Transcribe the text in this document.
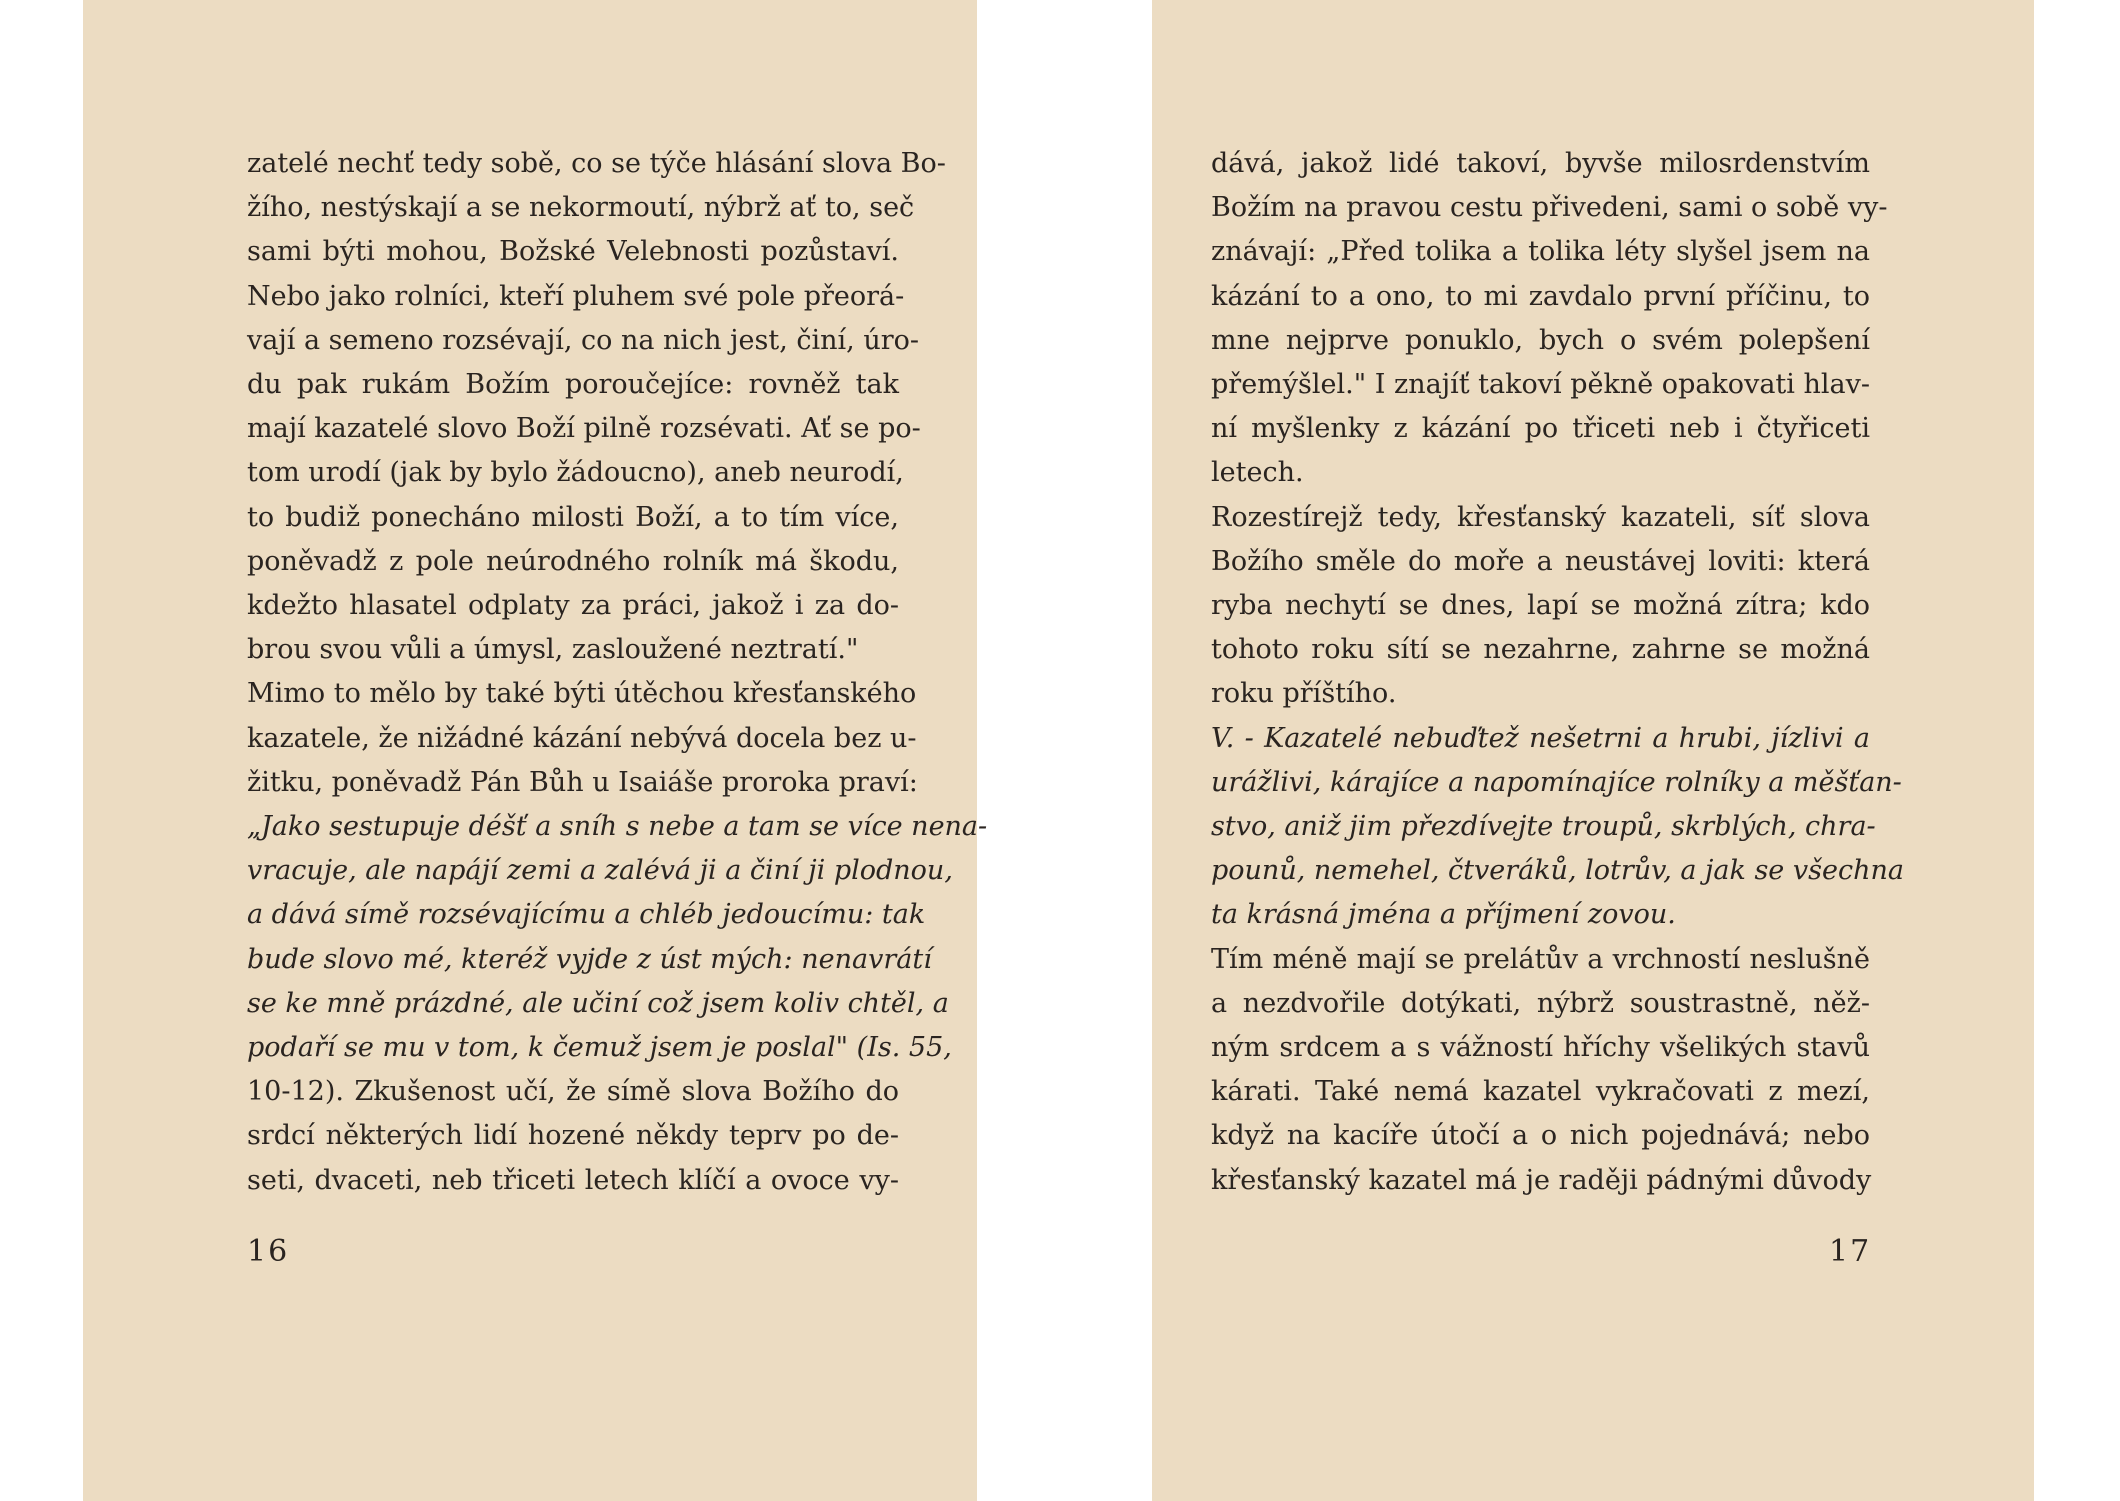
zatelé nechť tedy sobě, co se týče hlásání slova Bo-
žího, nestýskají a se nekormoutí, nýbrž ať to, seč
sami býti mohou, Božské Velebnosti pozůstaví.
Nebo jako rolníci, kteří pluhem své pole přeorá-
vají a semeno rozsévají, co na nich jest, činí, úro-
du pak rukám Božím poroučejíce: rovněž tak
mají kazatelé slovo Boží pilně rozsévati. Ať se po-
tom urodí (jak by bylo žádoucno), aneb neurodí,
to budiž ponecháno milosti Boží, a to tím více,
poněvadž z pole neúrodného rolník má škodu,
kdežto hlasatel odplaty za práci, jakož i za do-
brou svou vůli a úmysl, zasloužené neztratí."
Mimo to mělo by také býti útěchou křesťanského
kazatele, že nižádné kázání nebývá docela bez u-
žitku, poněvadž Pán Bůh u Isaiáše proroka praví:
„Jako sestupuje déšť a sníh s nebe a tam se více nena-
vracuje, ale napájí zemi a zalévá ji a činí ji plodnou,
a dává símě rozsévajícímu a chléb jedoucímu: tak
bude slovo mé, kteréž vyjde z úst mých: nenavrátí
se ke mně prázdné, ale učiní což jsem koliv chtěl, a
podaří se mu v tom, k čemuž jsem je poslal" (Is. 55,
10-12). Zkušenost učí, že símě slova Božího do
srdcí některých lidí hozené někdy teprv po de-
seti, dvaceti, neb třiceti letech klíčí a ovoce vy-
16
dává, jakož lidé takoví, byvše milosrdenstvím
Božím na pravou cestu přivedeni, sami o sobě vy-
znávají: „Před tolika a tolika léty slyšel jsem na
kázání to a ono, to mi zavdalo první příčinu, to
mne nejprve ponuklo, bych o svém polepšení
přemýšlel." I znajíť takoví pěkně opakovati hlav-
ní myšlenky z kázání po třiceti neb i čtyřiceti
letech.
Rozestírejž tedy, křesťanský kazateli, síť slova
Božího směle do moře a neustávej loviti: která
ryba nechytí se dnes, lapí se možná zítra; kdo
tohoto roku sítí se nezahrne, zahrne se možná
roku příštího.
V. - Kazatelé nebuďtež nešetrni a hrubi, jízlivi a
urážlivi, kárajíce a napomínajíce rolníky a měšťan-
stvo, aniž jim přezdívejte troupů, skrblých, chra-
pounů, nemehel, čtveráků, lotrův, a jak se všechna
ta krásná jména a příjmení zovou.
Tím méně mají se prelátův a vrchností neslušně
a nezdvořile dotýkati, nýbrž soustrastně, něž-
ným srdcem a s vážností hříchy všelikých stavů
kárati. Také nemá kazatel vykračovati z mezí,
když na kacíře útočí a o nich pojednává; nebo
křesťanský kazatel má je raději pádnými důvody
17
